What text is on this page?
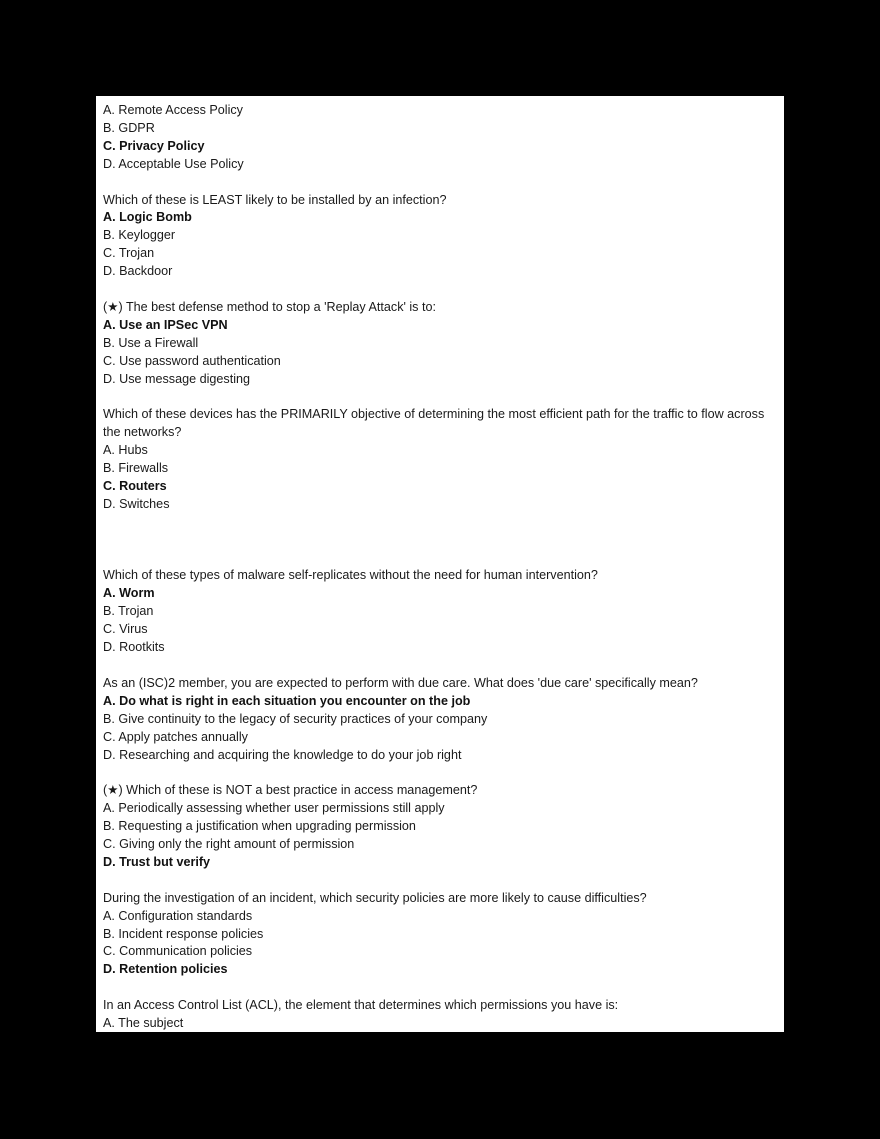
A. Remote Access Policy
B. GDPR
C. Privacy Policy
D. Acceptable Use Policy
Which of these is LEAST likely to be installed by an infection?
A. Logic Bomb
B. Keylogger
C. Trojan
D. Backdoor
(★) The best defense method to stop a 'Replay Attack' is to:
A. Use an IPSec VPN
B. Use a Firewall
C. Use password authentication
D. Use message digesting
Which of these devices has the PRIMARILY objective of determining the most efficient path for the traffic to flow across the networks?
A. Hubs
B. Firewalls
C. Routers
D. Switches
Which of these types of malware self-replicates without the need for human intervention?
A. Worm
B. Trojan
C. Virus
D. Rootkits
As an (ISC)2 member, you are expected to perform with due care. What does 'due care' specifically mean?
A. Do what is right in each situation you encounter on the job
B. Give continuity to the legacy of security practices of your company
C. Apply patches annually
D. Researching and acquiring the knowledge to do your job right
(★) Which of these is NOT a best practice in access management?
A. Periodically assessing whether user permissions still apply
B. Requesting a justification when upgrading permission
C. Giving only the right amount of permission
D. Trust but verify
During the investigation of an incident, which security policies are more likely to cause difficulties?
A. Configuration standards
B. Incident response policies
C. Communication policies
D. Retention policies
In an Access Control List (ACL), the element that determines which permissions you have is:
A. The subject
